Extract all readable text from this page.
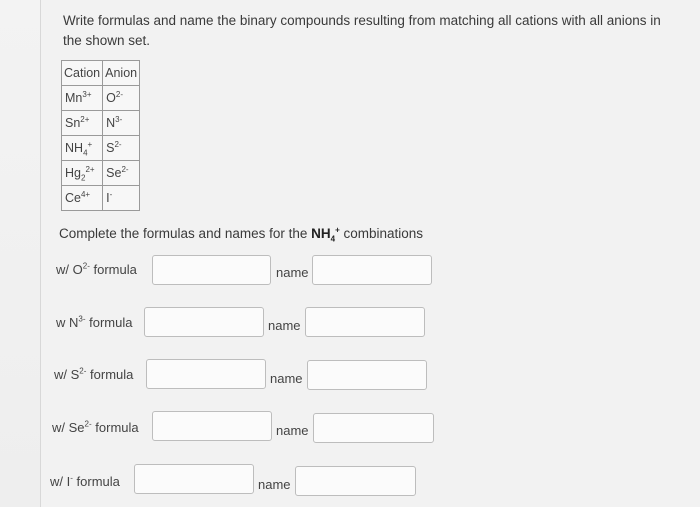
Write formulas and name the binary compounds resulting from matching all cations with all anions in the shown set.
Cation	Anion
$Mn^{3+}$	$O^{2-}$
$Sn^{2+}$	$N^{3-}$
$NH_4^+$	$S^{2-}$
$Hg_2^{2+}$	$Se^{2-}$
$Ce^{4+}$	I-
Complete the formulas and names for the $NH_4^+$ combinations
w/ $O^{2-}$ formula	name
w $N^{3-}$ formula	name
w/ $S^{2-}$ formula	name
w/ $Se^{2-}$ formula	name
w/ I- formula	name
